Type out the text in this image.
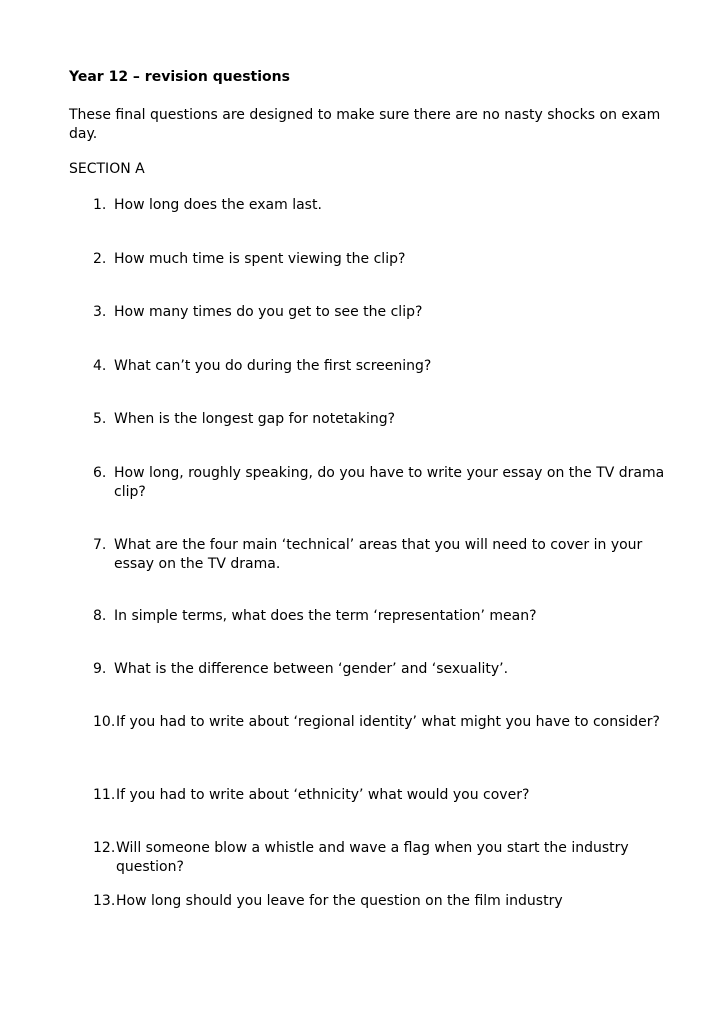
Year 12 – revision questions
These final questions are designed to make sure there are no nasty shocks on exam day.
SECTION A
1. How long does the exam last.
2. How much time is spent viewing the clip?
3. How many times do you get to see the clip?
4. What can’t you do during the first screening?
5. When is the longest gap for notetaking?
6. How long, roughly speaking, do you have to write your essay on the TV drama clip?
7. What are the four main ‘technical’ areas that you will need to cover in your essay on the TV drama.
8. In simple terms, what does the term ‘representation’ mean?
9. What is the difference between ‘gender’ and ‘sexuality’.
10. If you had to write about ‘regional identity’ what might you have to consider?
11. If you had to write about ‘ethnicity’ what would you cover?
12. Will someone blow a whistle and wave a flag when you start the industry question?
13. How long should you leave for the question on the film industry
